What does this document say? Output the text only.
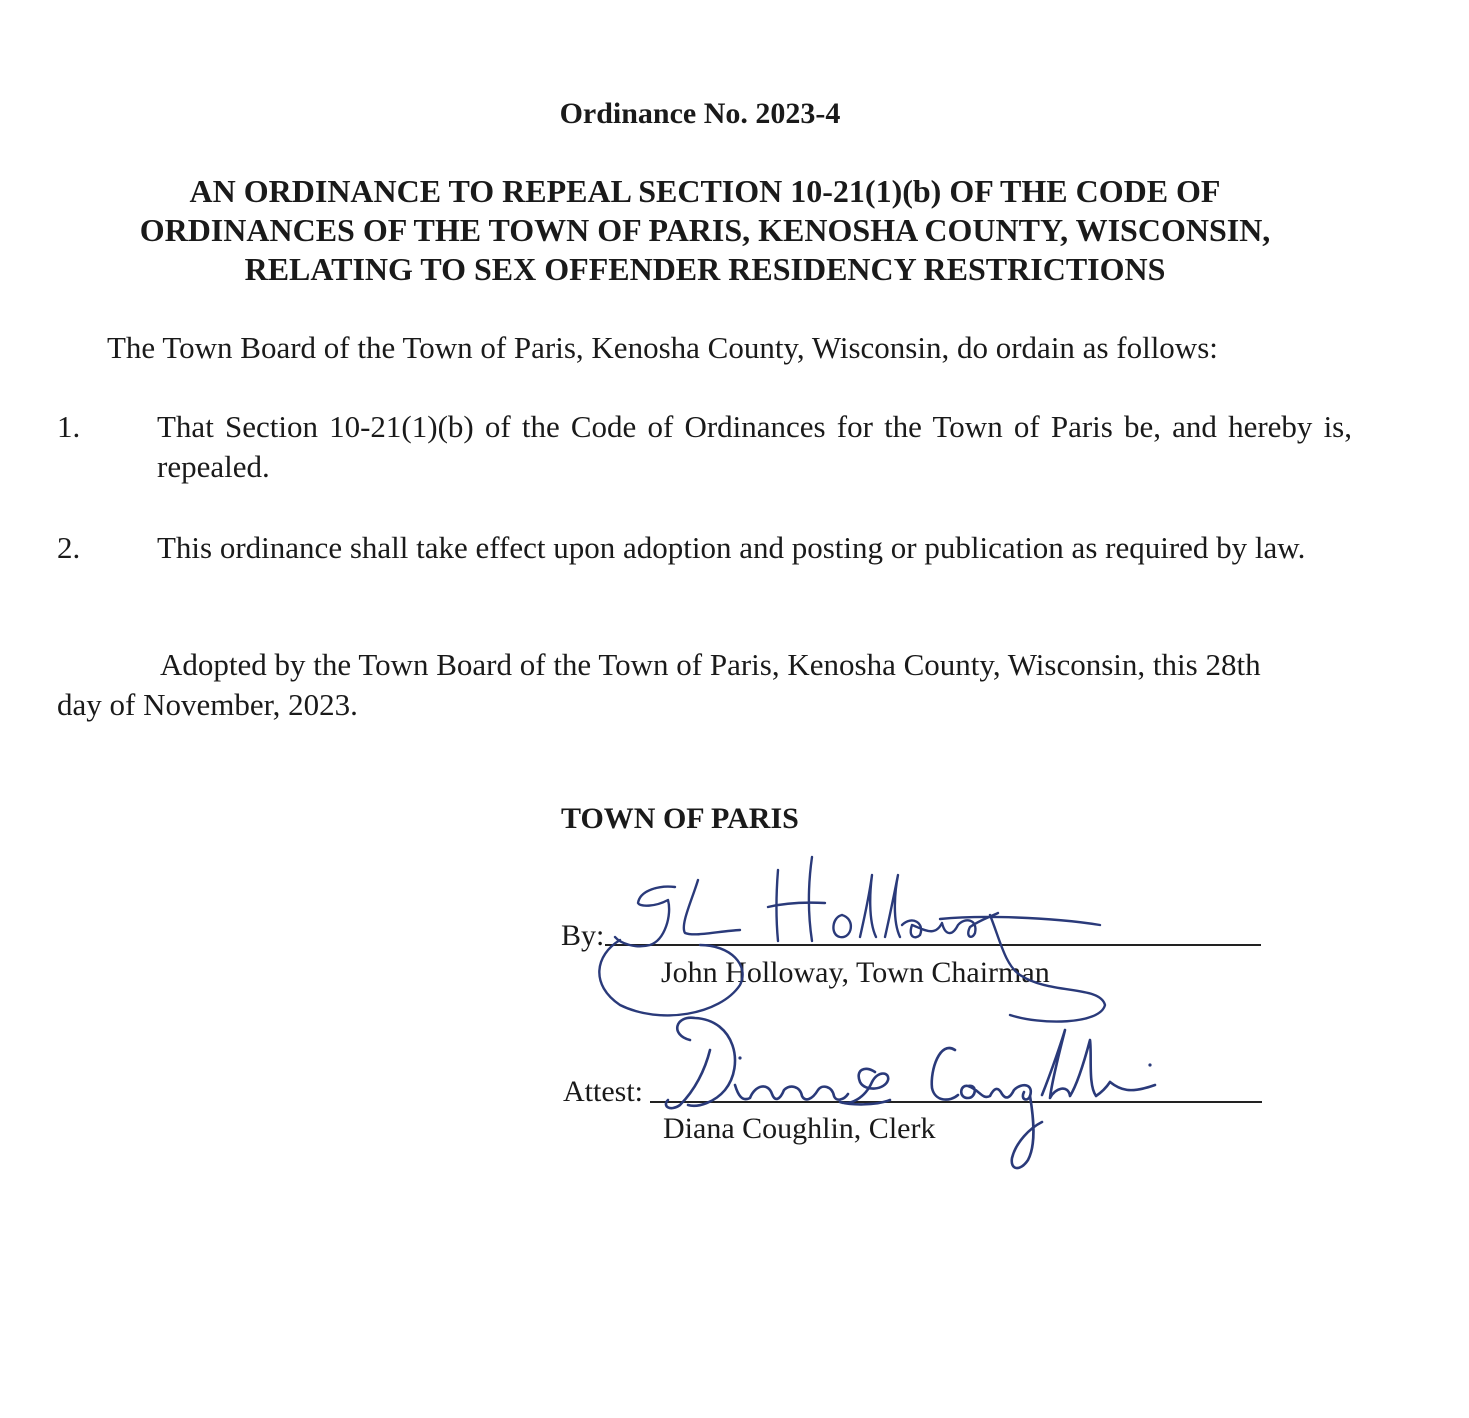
Ordinance No. 2023-4
AN ORDINANCE TO REPEAL SECTION 10-21(1)(b) OF THE CODE OF
ORDINANCES OF THE TOWN OF PARIS, KENOSHA COUNTY, WISCONSIN,
RELATING TO SEX OFFENDER RESIDENCY RESTRICTIONS
The Town Board of the Town of Paris, Kenosha County, Wisconsin, do ordain as follows:
1. That Section 10-21(1)(b) of the Code of Ordinances for the Town of Paris be, and hereby is, repealed.
2. This ordinance shall take effect upon adoption and posting or publication as required by law.
Adopted by the Town Board of the Town of Paris, Kenosha County, Wisconsin, this 28th
day of November, 2023.
TOWN OF PARIS
By:
John Holloway, Town Chairman
Attest:
Diana Coughlin, Clerk
